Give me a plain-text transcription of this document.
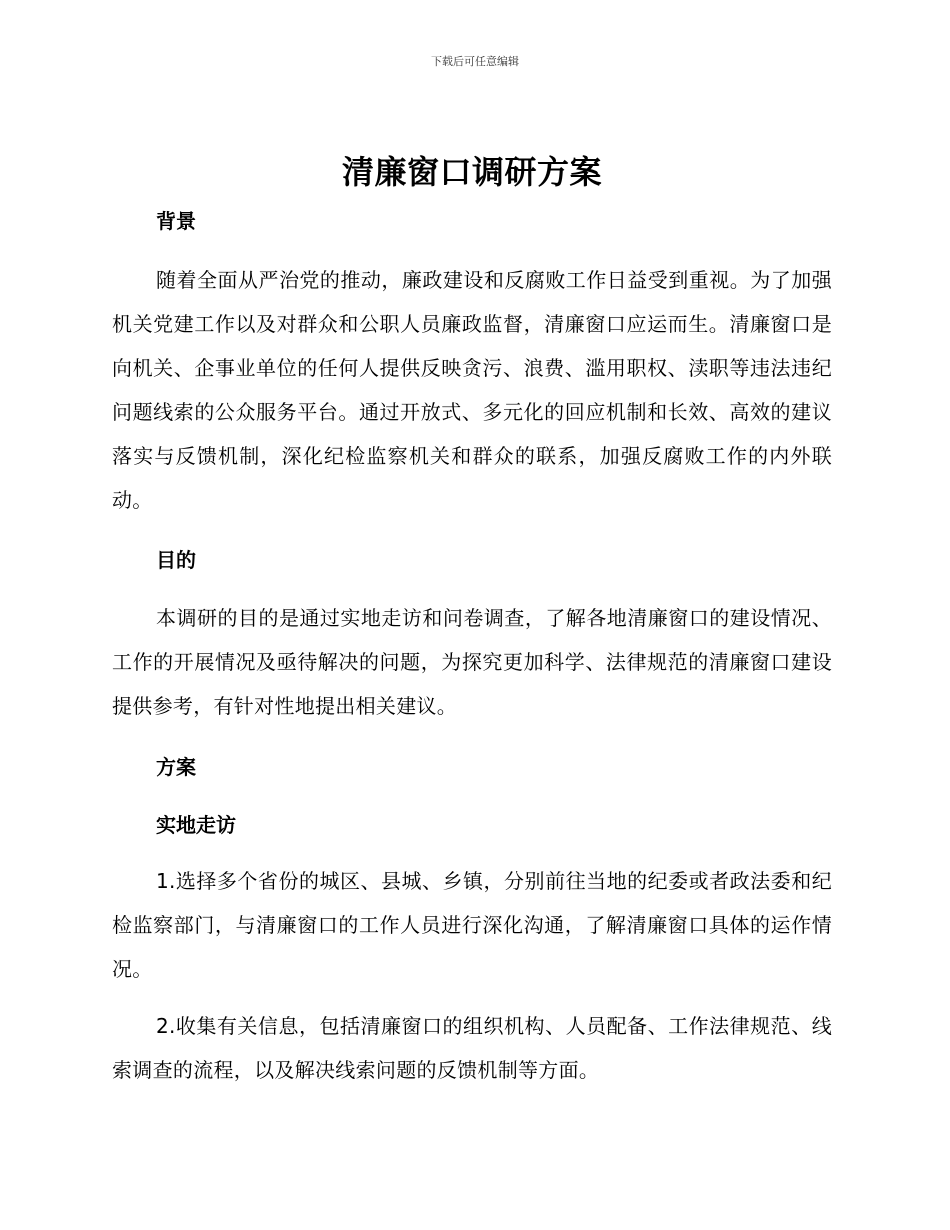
下载后可任意编辑
清廉窗口调研方案
背景

随着全面从严治党的推动，廉政建设和反腐败工作日益受到重视。为了加强机关党建工作以及对群众和公职人员廉政监督，清廉窗口应运而生。清廉窗口是向机关、企事业单位的任何人提供反映贪污、浪费、滥用职权、渎职等违法违纪问题线索的公众服务平台。通过开放式、多元化的回应机制和长效、高效的建议落实与反馈机制，深化纪检监察机关和群众的联系，加强反腐败工作的内外联动。

目的

本调研的目的是通过实地走访和问卷调查，了解各地清廉窗口的建设情况、工作的开展情况及亟待解决的问题，为探究更加科学、法律规范的清廉窗口建设提供参考，有针对性地提出相关建议。

方案
实地走访

1.选择多个省份的城区、县城、乡镇，分别前往当地的纪委或者政法委和纪检监察部门，与清廉窗口的工作人员进行深化沟通，了解清廉窗口具体的运作情况。

2.收集有关信息，包括清廉窗口的组织机构、人员配备、工作法律规范、线索调查的流程，以及解决线索问题的反馈机制等方面。
